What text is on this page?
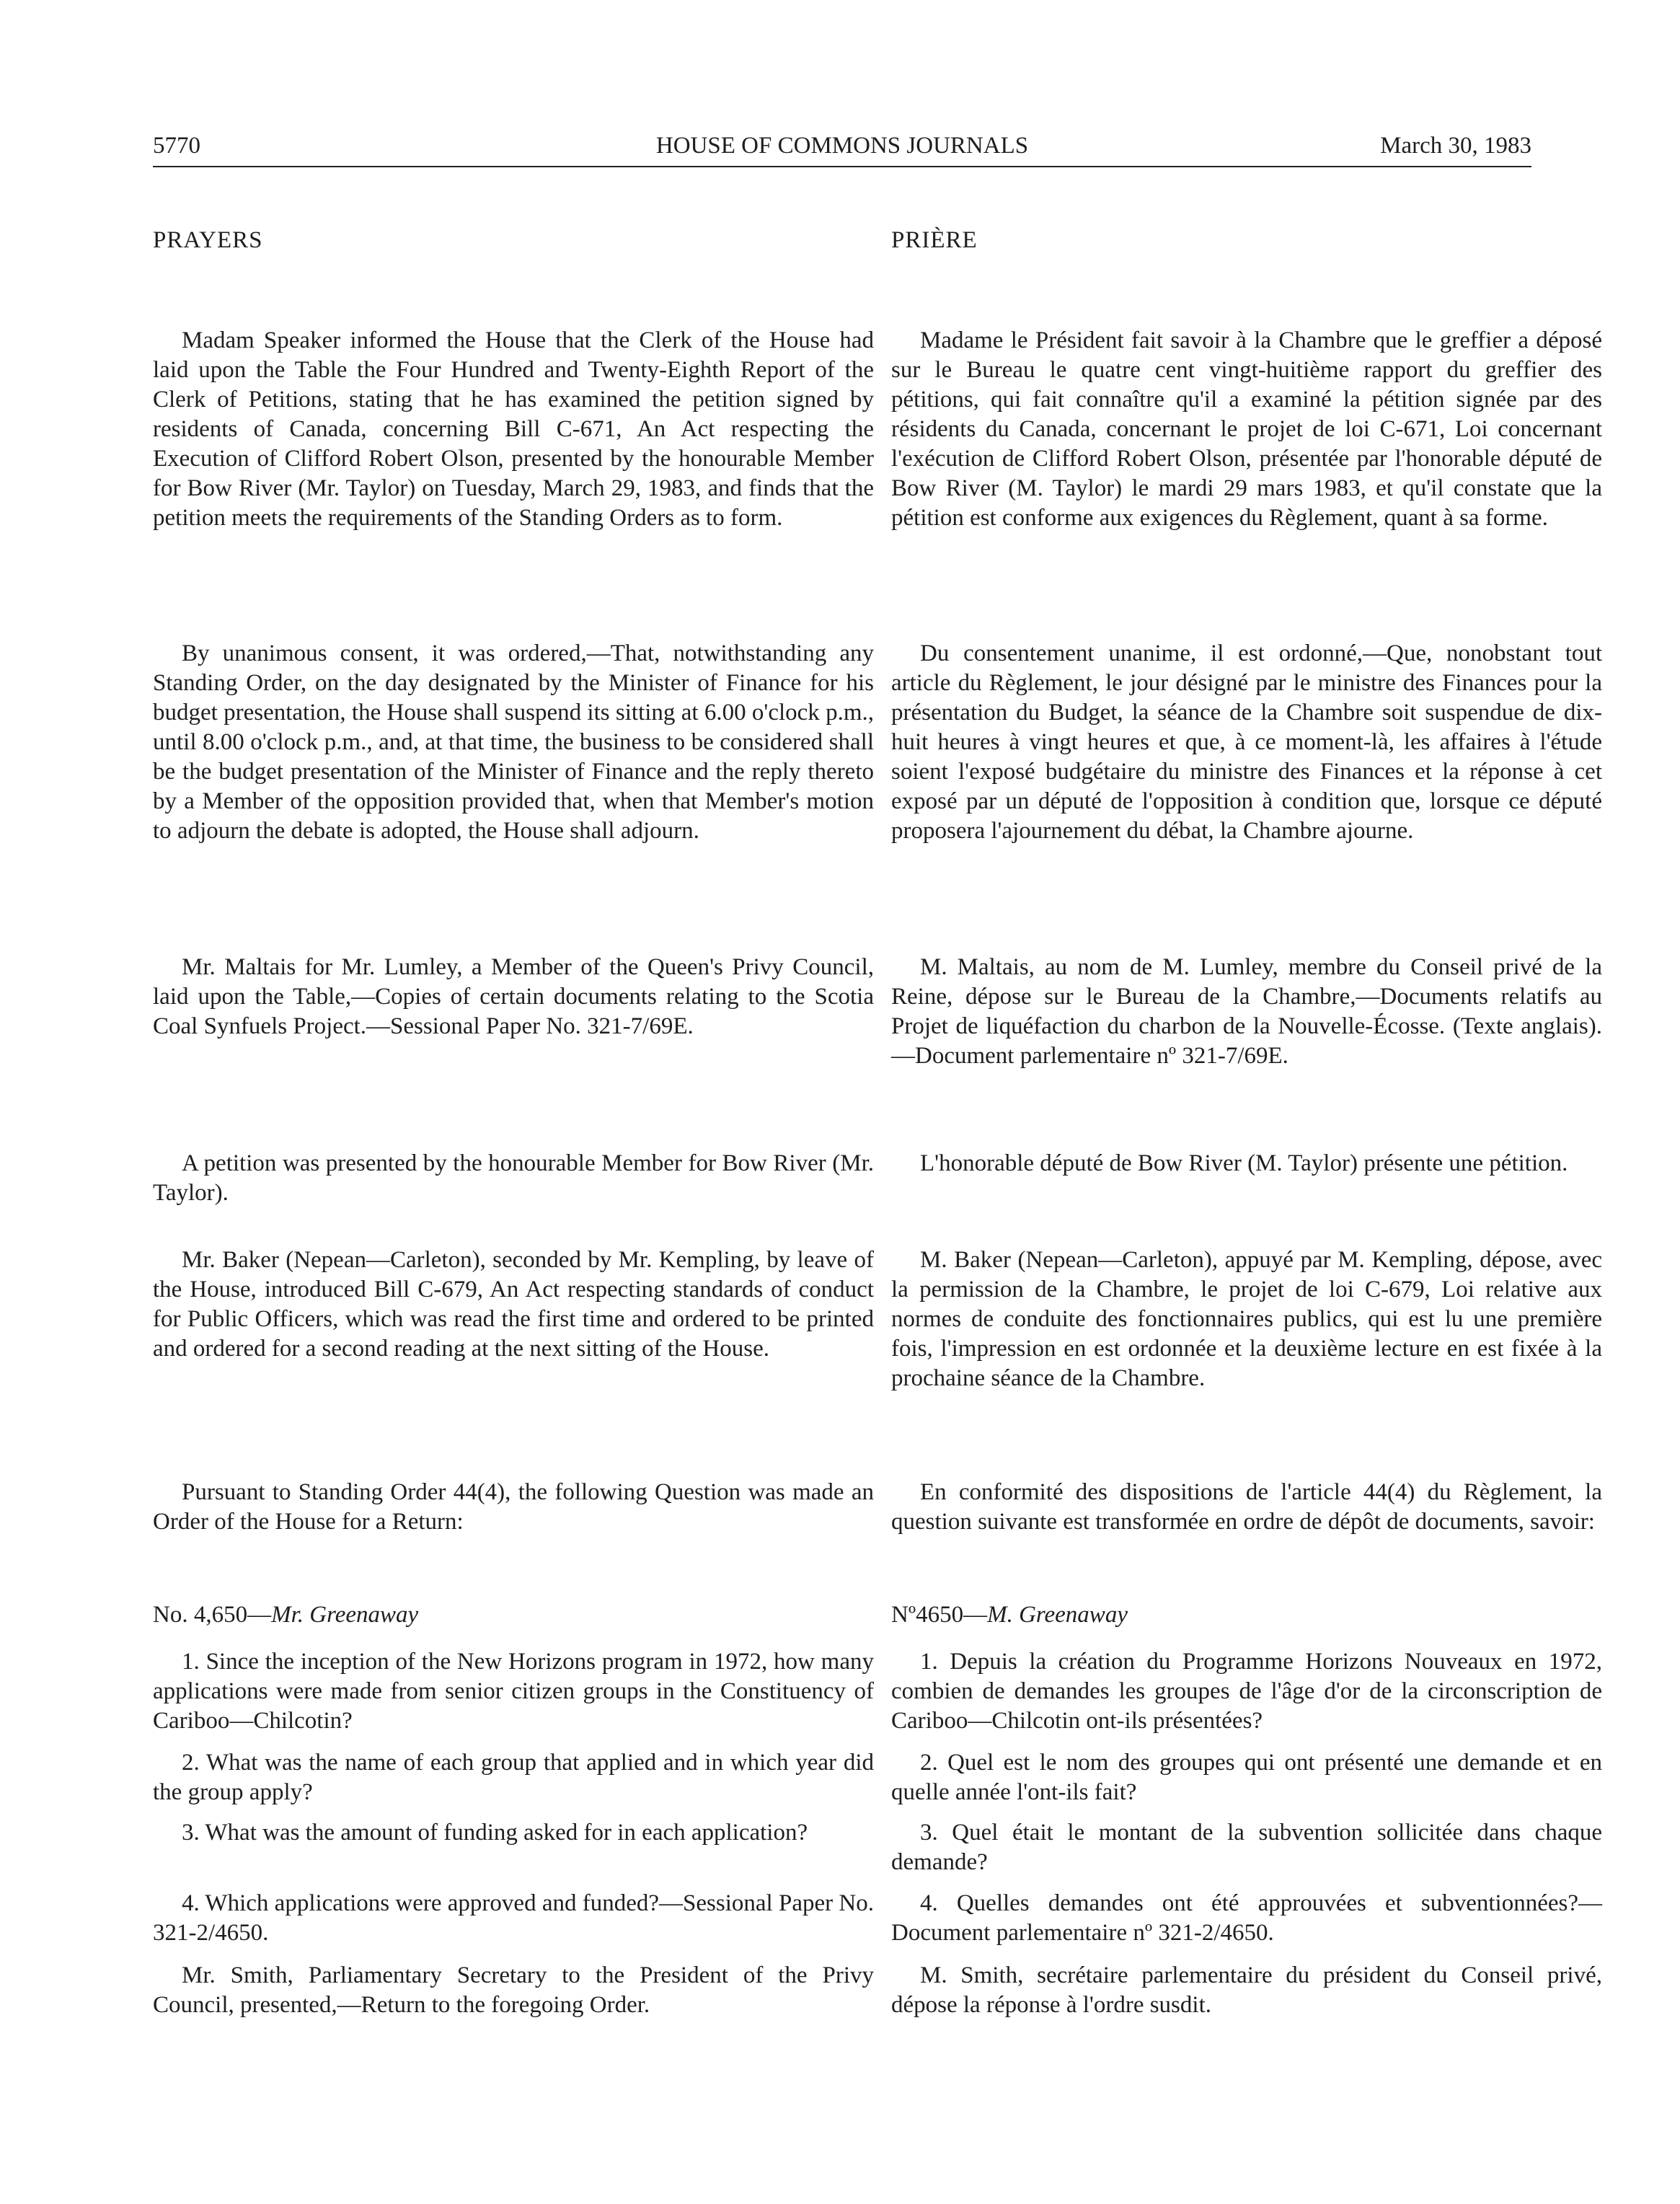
5770	HOUSE OF COMMONS JOURNALS	March 30, 1983

PRAYERS

Madam Speaker informed the House that the Clerk of the House had laid upon the Table the Four Hundred and Twenty-Eighth Report of the Clerk of Petitions, stating that he has examined the petition signed by residents of Canada, concerning Bill C-671, An Act respecting the Execution of Clifford Robert Olson, presented by the honourable Member for Bow River (Mr. Taylor) on Tuesday, March 29, 1983, and finds that the petition meets the requirements of the Standing Orders as to form.

By unanimous consent, it was ordered,—That, notwithstanding any Standing Order, on the day designated by the Minister of Finance for his budget presentation, the House shall suspend its sitting at 6.00 o'clock p.m., until 8.00 o'clock p.m., and, at that time, the business to be considered shall be the budget presentation of the Minister of Finance and the reply thereto by a Member of the opposition provided that, when that Member's motion to adjourn the debate is adopted, the House shall adjourn.

Mr. Maltais for Mr. Lumley, a Member of the Queen's Privy Council, laid upon the Table,—Copies of certain documents relating to the Scotia Coal Synfuels Project.—Sessional Paper No. 321-7/69E.

A petition was presented by the honourable Member for Bow River (Mr. Taylor).

Mr. Baker (Nepean—Carleton), seconded by Mr. Kempling, by leave of the House, introduced Bill C-679, An Act respecting standards of conduct for Public Officers, which was read the first time and ordered to be printed and ordered for a second reading at the next sitting of the House.

Pursuant to Standing Order 44(4), the following Question was made an Order of the House for a Return:

No. 4,650—Mr. Greenaway

1. Since the inception of the New Horizons program in 1972, how many applications were made from senior citizen groups in the Constituency of Cariboo—Chilcotin?

2. What was the name of each group that applied and in which year did the group apply?

3. What was the amount of funding asked for in each application?

4. Which applications were approved and funded?—Sessional Paper No. 321-2/4650.

Mr. Smith, Parliamentary Secretary to the President of the Privy Council, presented,—Return to the foregoing Order.

PRIÈRE

Madame le Président fait savoir à la Chambre que le greffier a déposé sur le Bureau le quatre cent vingt-huitième rapport du greffier des pétitions, qui fait connaître qu'il a examiné la pétition signée par des résidents du Canada, concernant le projet de loi C-671, Loi concernant l'exécution de Clifford Robert Olson, présentée par l'honorable député de Bow River (M. Taylor) le mardi 29 mars 1983, et qu'il constate que la pétition est conforme aux exigences du Règlement, quant à sa forme.

Du consentement unanime, il est ordonné,—Que, nonobstant tout article du Règlement, le jour désigné par le ministre des Finances pour la présentation du Budget, la séance de la Chambre soit suspendue de dix-huit heures à vingt heures et que, à ce moment-là, les affaires à l'étude soient l'exposé budgétaire du ministre des Finances et la réponse à cet exposé par un député de l'opposition à condition que, lorsque ce député proposera l'ajournement du débat, la Chambre ajourne.

M. Maltais, au nom de M. Lumley, membre du Conseil privé de la Reine, dépose sur le Bureau de la Chambre,—Documents relatifs au Projet de liquéfaction du charbon de la Nouvelle-Écosse. (Texte anglais).—Document parlementaire nº 321-7/69E.

L'honorable député de Bow River (M. Taylor) présente une pétition.

M. Baker (Nepean—Carleton), appuyé par M. Kempling, dépose, avec la permission de la Chambre, le projet de loi C-679, Loi relative aux normes de conduite des fonctionnaires publics, qui est lu une première fois, l'impression en est ordonnée et la deuxième lecture en est fixée à la prochaine séance de la Chambre.

En conformité des dispositions de l'article 44(4) du Règlement, la question suivante est transformée en ordre de dépôt de documents, savoir:

Nº4650—M. Greenaway

1. Depuis la création du Programme Horizons Nouveaux en 1972, combien de demandes les groupes de l'âge d'or de la circonscription de Cariboo—Chilcotin ont-ils présentées?

2. Quel est le nom des groupes qui ont présenté une demande et en quelle année l'ont-ils fait?

3. Quel était le montant de la subvention sollicitée dans chaque demande?

4. Quelles demandes ont été approuvées et subventionnées?—Document parlementaire nº 321-2/4650.

M. Smith, secrétaire parlementaire du président du Conseil privé, dépose la réponse à l'ordre susdit.
